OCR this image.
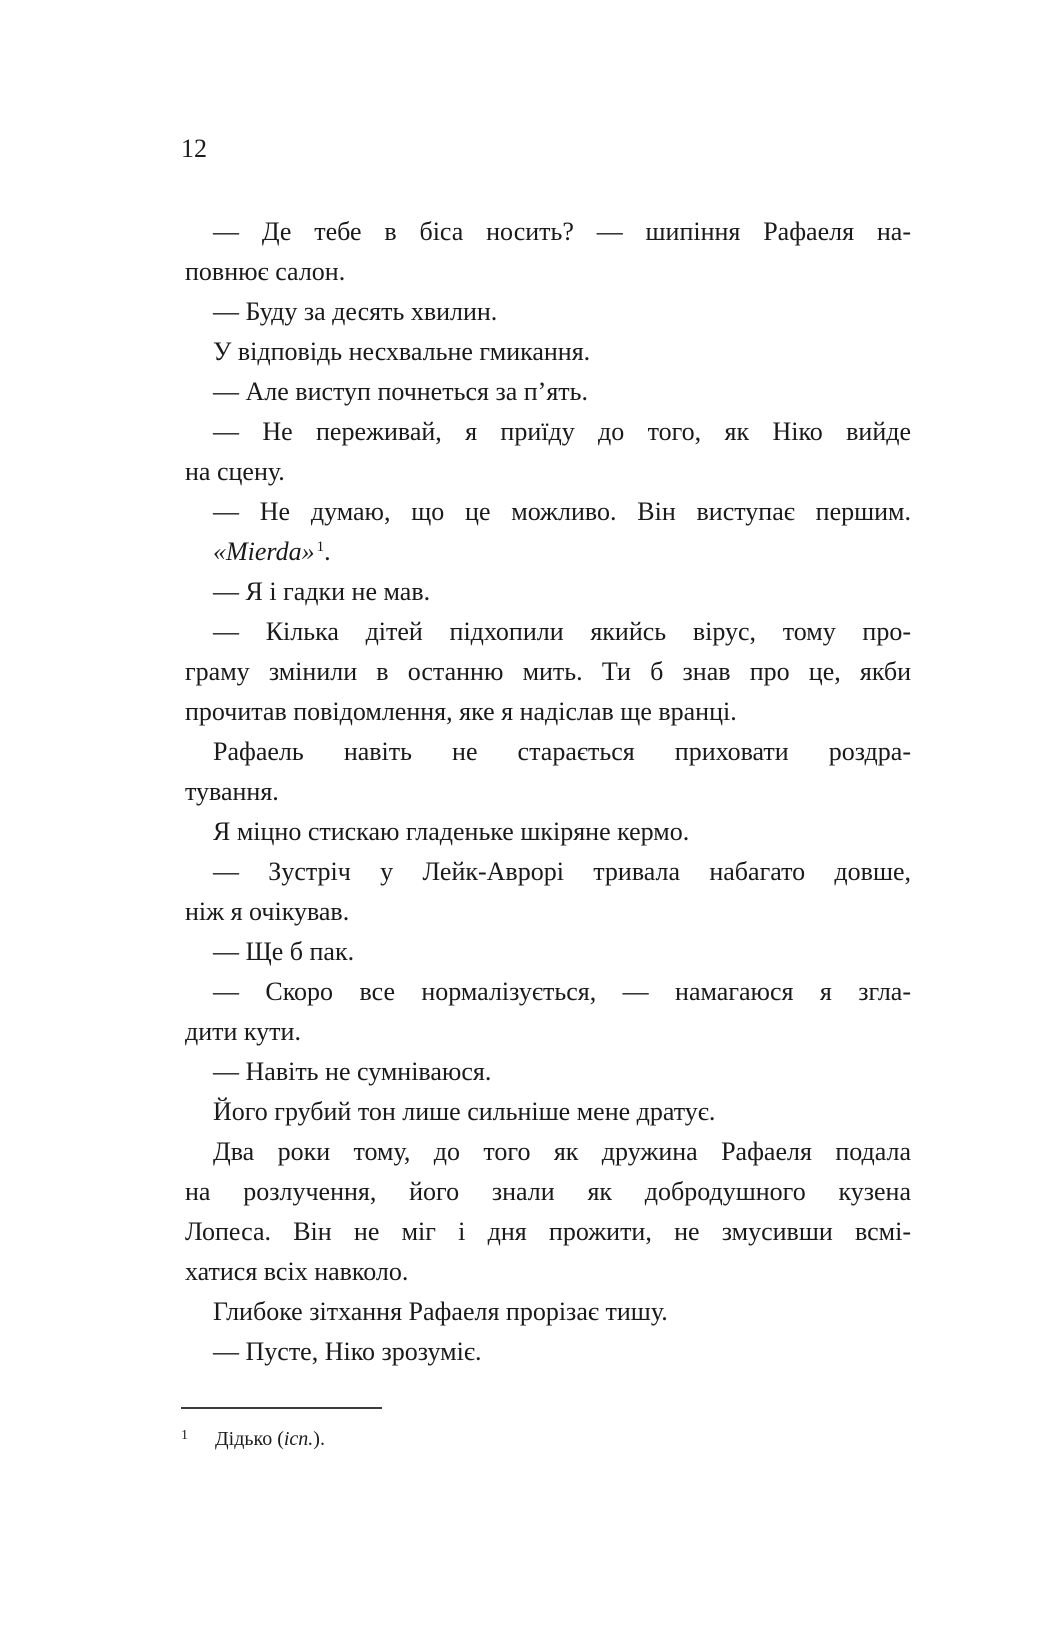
12
— Де тебе в біса носить? — шипіння Рафаеля на-
повнює салон.
— Буду за десять хвилин.
У відповідь несхвальне гмикання.
— Але виступ почнеться за п’ять.
— Не переживай, я приїду до того, як Ніко вийде
на сцену.
— Не думаю, що це можливо. Він виступає першим.
«Mierda» $^1$.
— Я і гадки не мав.
— Кілька дітей підхопили якийсь вірус, тому про-
граму змінили в останню мить. Ти б знав про це, якби
прочитав повідомлення, яке я надіслав ще вранці.
Рафаель навіть не старається приховати роздра-
тування.
Я міцно стискаю гладеньке шкіряне кермо.
— Зустріч у Лейк-Аврорі тривала набагато довше,
ніж я очікував.
— Ще б пак.
— Скоро все нормалізується, — намагаюся я згла-
дити кути.
— Навіть не сумніваюся.
Його грубий тон лише сильніше мене дратує.
Два роки тому, до того як дружина Рафаеля подала
на розлучення, його знали як добродушного кузена
Лопеса. Він не міг і дня прожити, не змусивши всмі-
хатися всіх навколо.
Глибоке зітхання Рафаеля прорізає тишу.
— Пусте, Ніко зрозуміє.
1 Дідько (ісп.).
